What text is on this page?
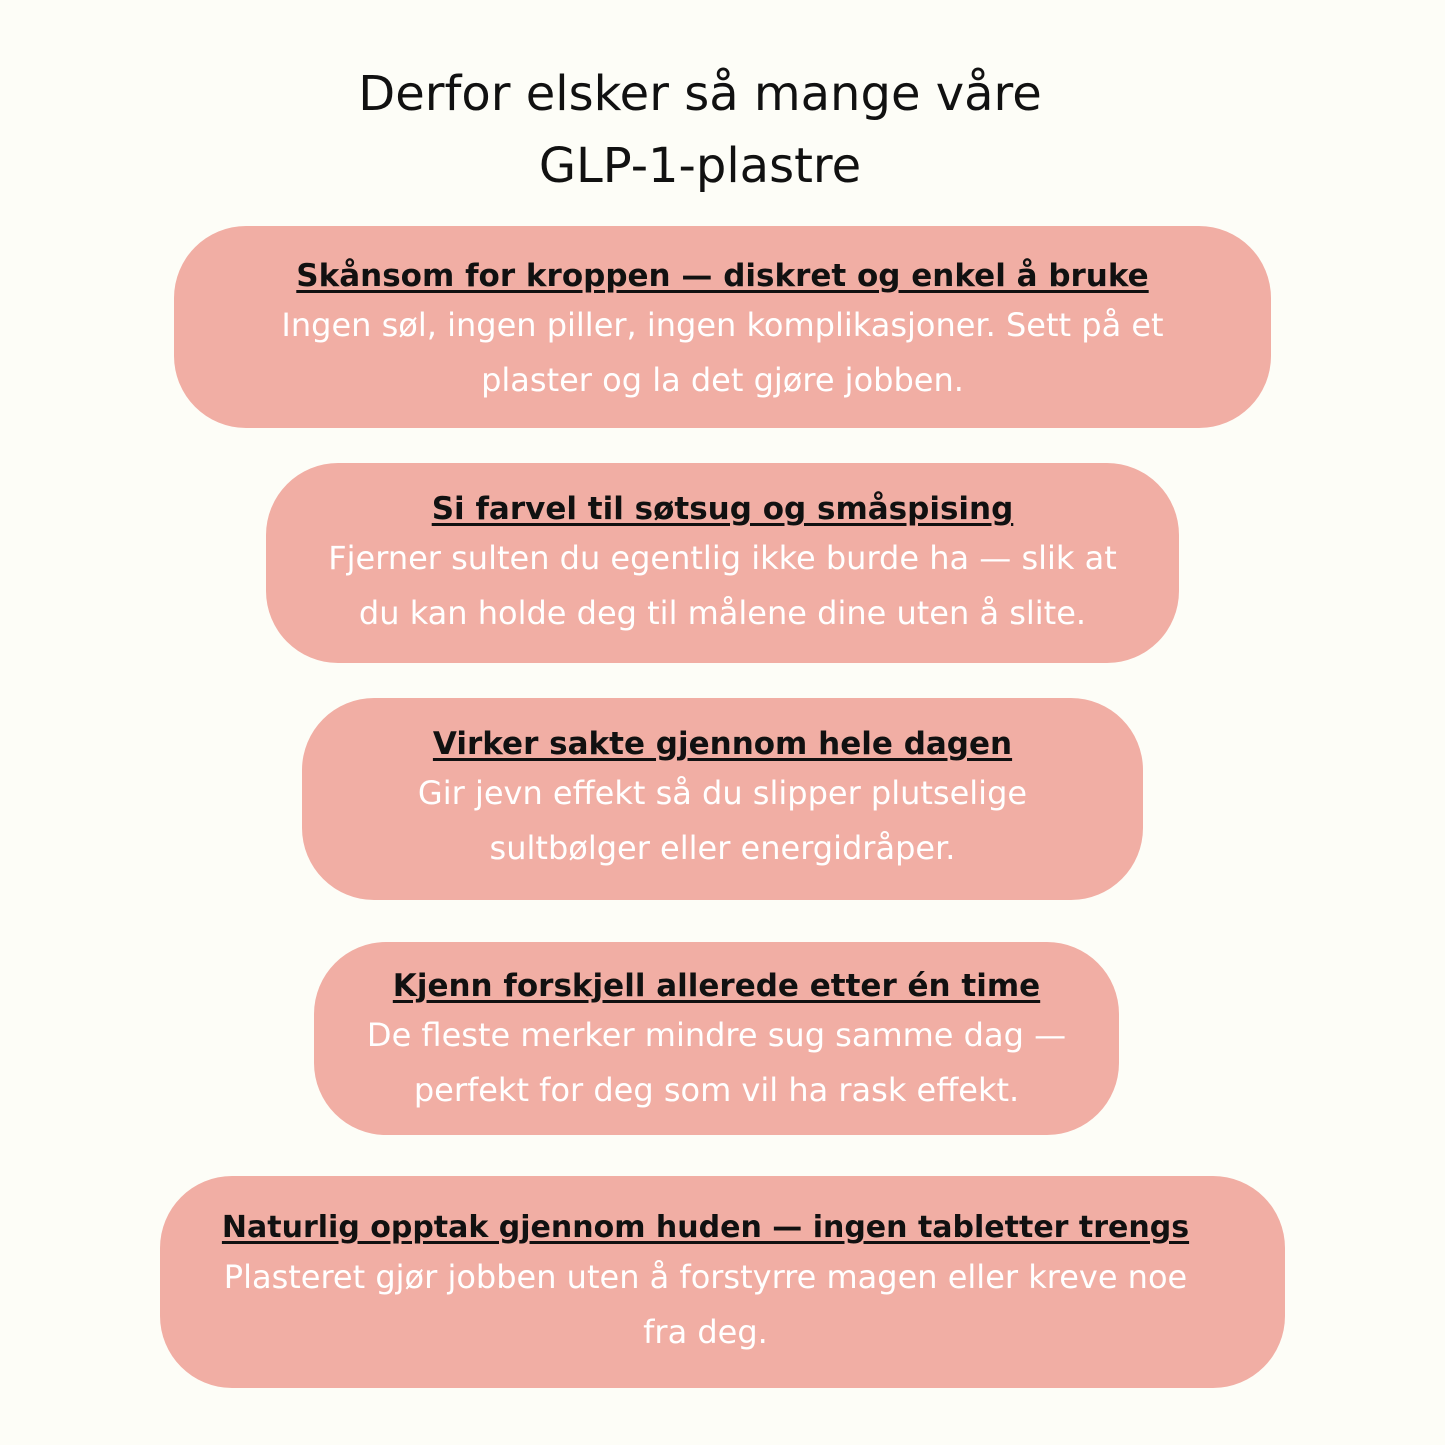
Derfor elsker så mange våre
GLP-1-plastre
Skånsom for kroppen — diskret og enkel å bruke
Ingen søl, ingen piller, ingen komplikasjoner. Sett på et
plaster og la det gjøre jobben.
Si farvel til søtsug og småspising
Fjerner sulten du egentlig ikke burde ha — slik at
du kan holde deg til målene dine uten å slite.
Virker sakte gjennom hele dagen
Gir jevn effekt så du slipper plutselige
sultbølger eller energidråper.
Kjenn forskjell allerede etter én time
De fleste merker mindre sug samme dag —
perfekt for deg som vil ha rask effekt.
Naturlig opptak gjennom huden — ingen tabletter trengs
Plasteret gjør jobben uten å forstyrre magen eller kreve noe
fra deg.
